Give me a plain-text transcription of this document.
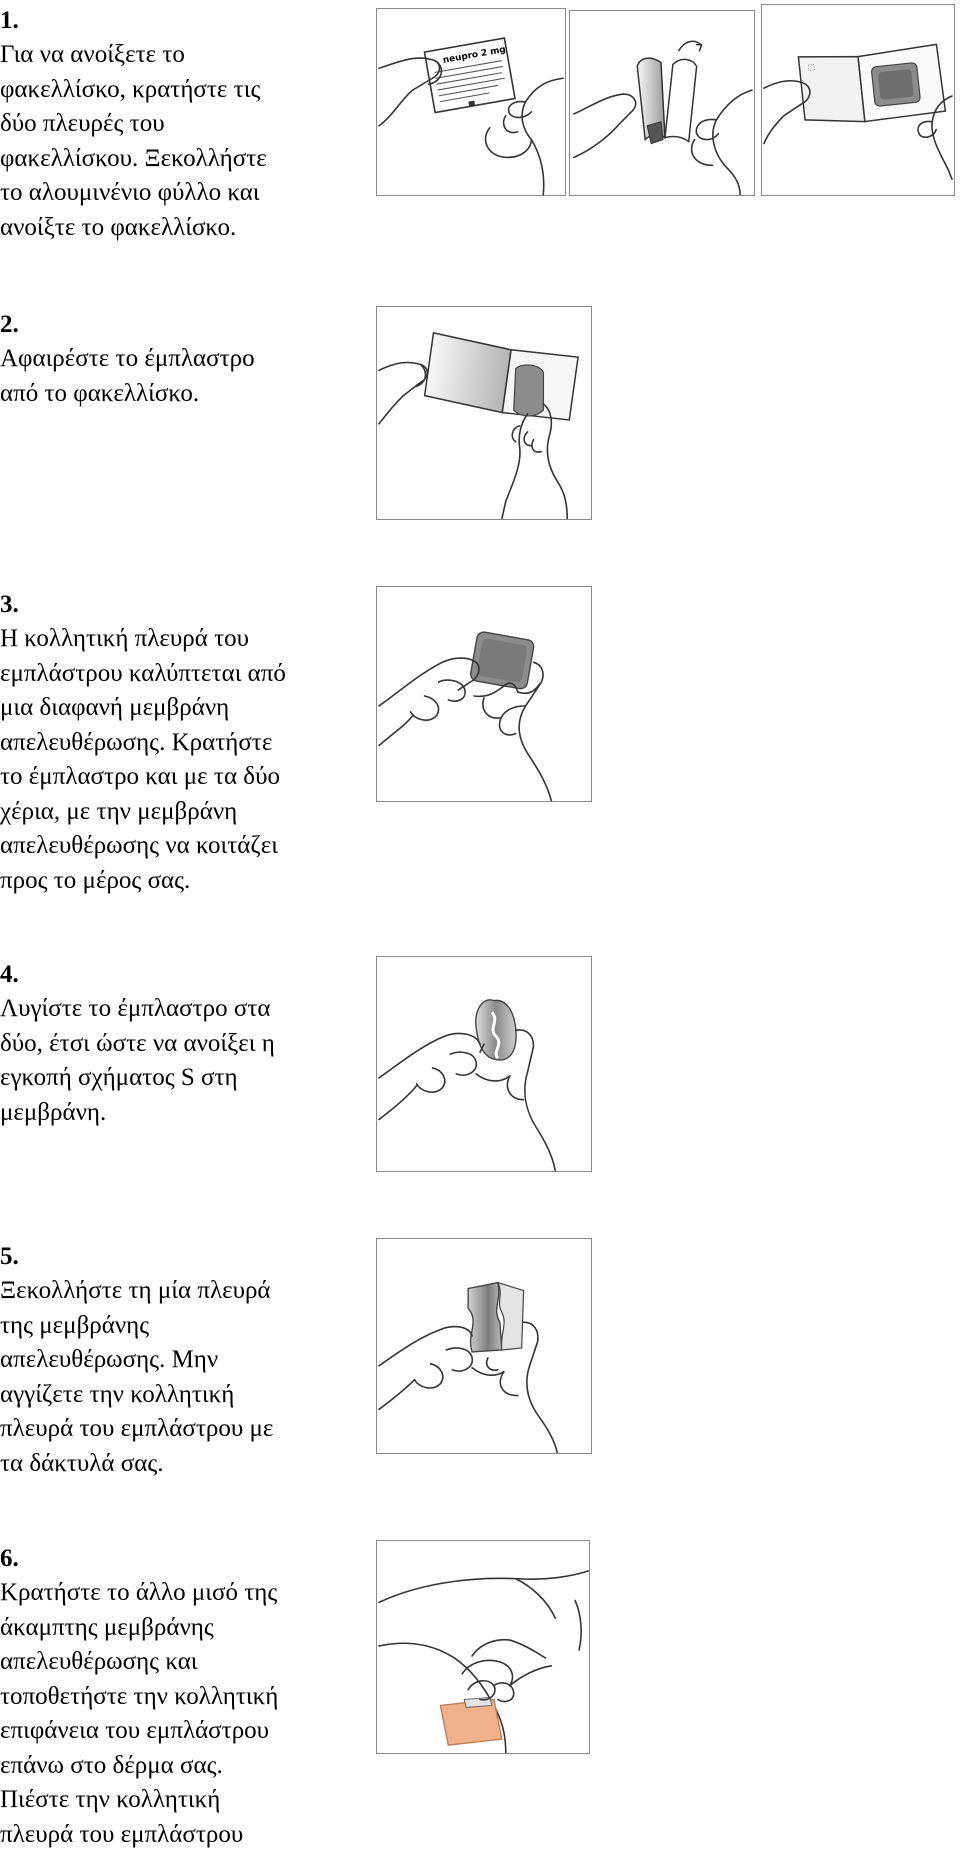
1.
Για να ανοίξετε το
φακελλίσκο, κρατήστε τις
δύο πλευρές του
φακελλίσκου. Ξεκολλήστε
το αλουμινένιο φύλλο και
ανοίξτε το φακελλίσκο.
neupro 2 mg
⬚
2.
Αφαιρέστε το έμπλαστρο
από το φακελλίσκο.
3.
Η κολλητική πλευρά του
εμπλάστρου καλύπτεται από
μια διαφανή μεμβράνη
απελευθέρωσης. Κρατήστε
το έμπλαστρο και με τα δύο
χέρια, με την μεμβράνη
απελευθέρωσης να κοιτάζει
προς το μέρος σας.
4.
Λυγίστε το έμπλαστρο στα
δύο, έτσι ώστε να ανοίξει η
εγκοπή σχήματος S στη
μεμβράνη.
5.
Ξεκολλήστε τη μία πλευρά
της μεμβράνης
απελευθέρωσης. Μην
αγγίζετε την κολλητική
πλευρά του εμπλάστρου με
τα δάκτυλά σας.
6.
Κρατήστε το άλλο μισό της
άκαμπτης μεμβράνης
απελευθέρωσης και
τοποθετήστε την κολλητική
επιφάνεια του εμπλάστρου
επάνω στο δέρμα σας.
Πιέστε την κολλητική
πλευρά του εμπλάστρου
